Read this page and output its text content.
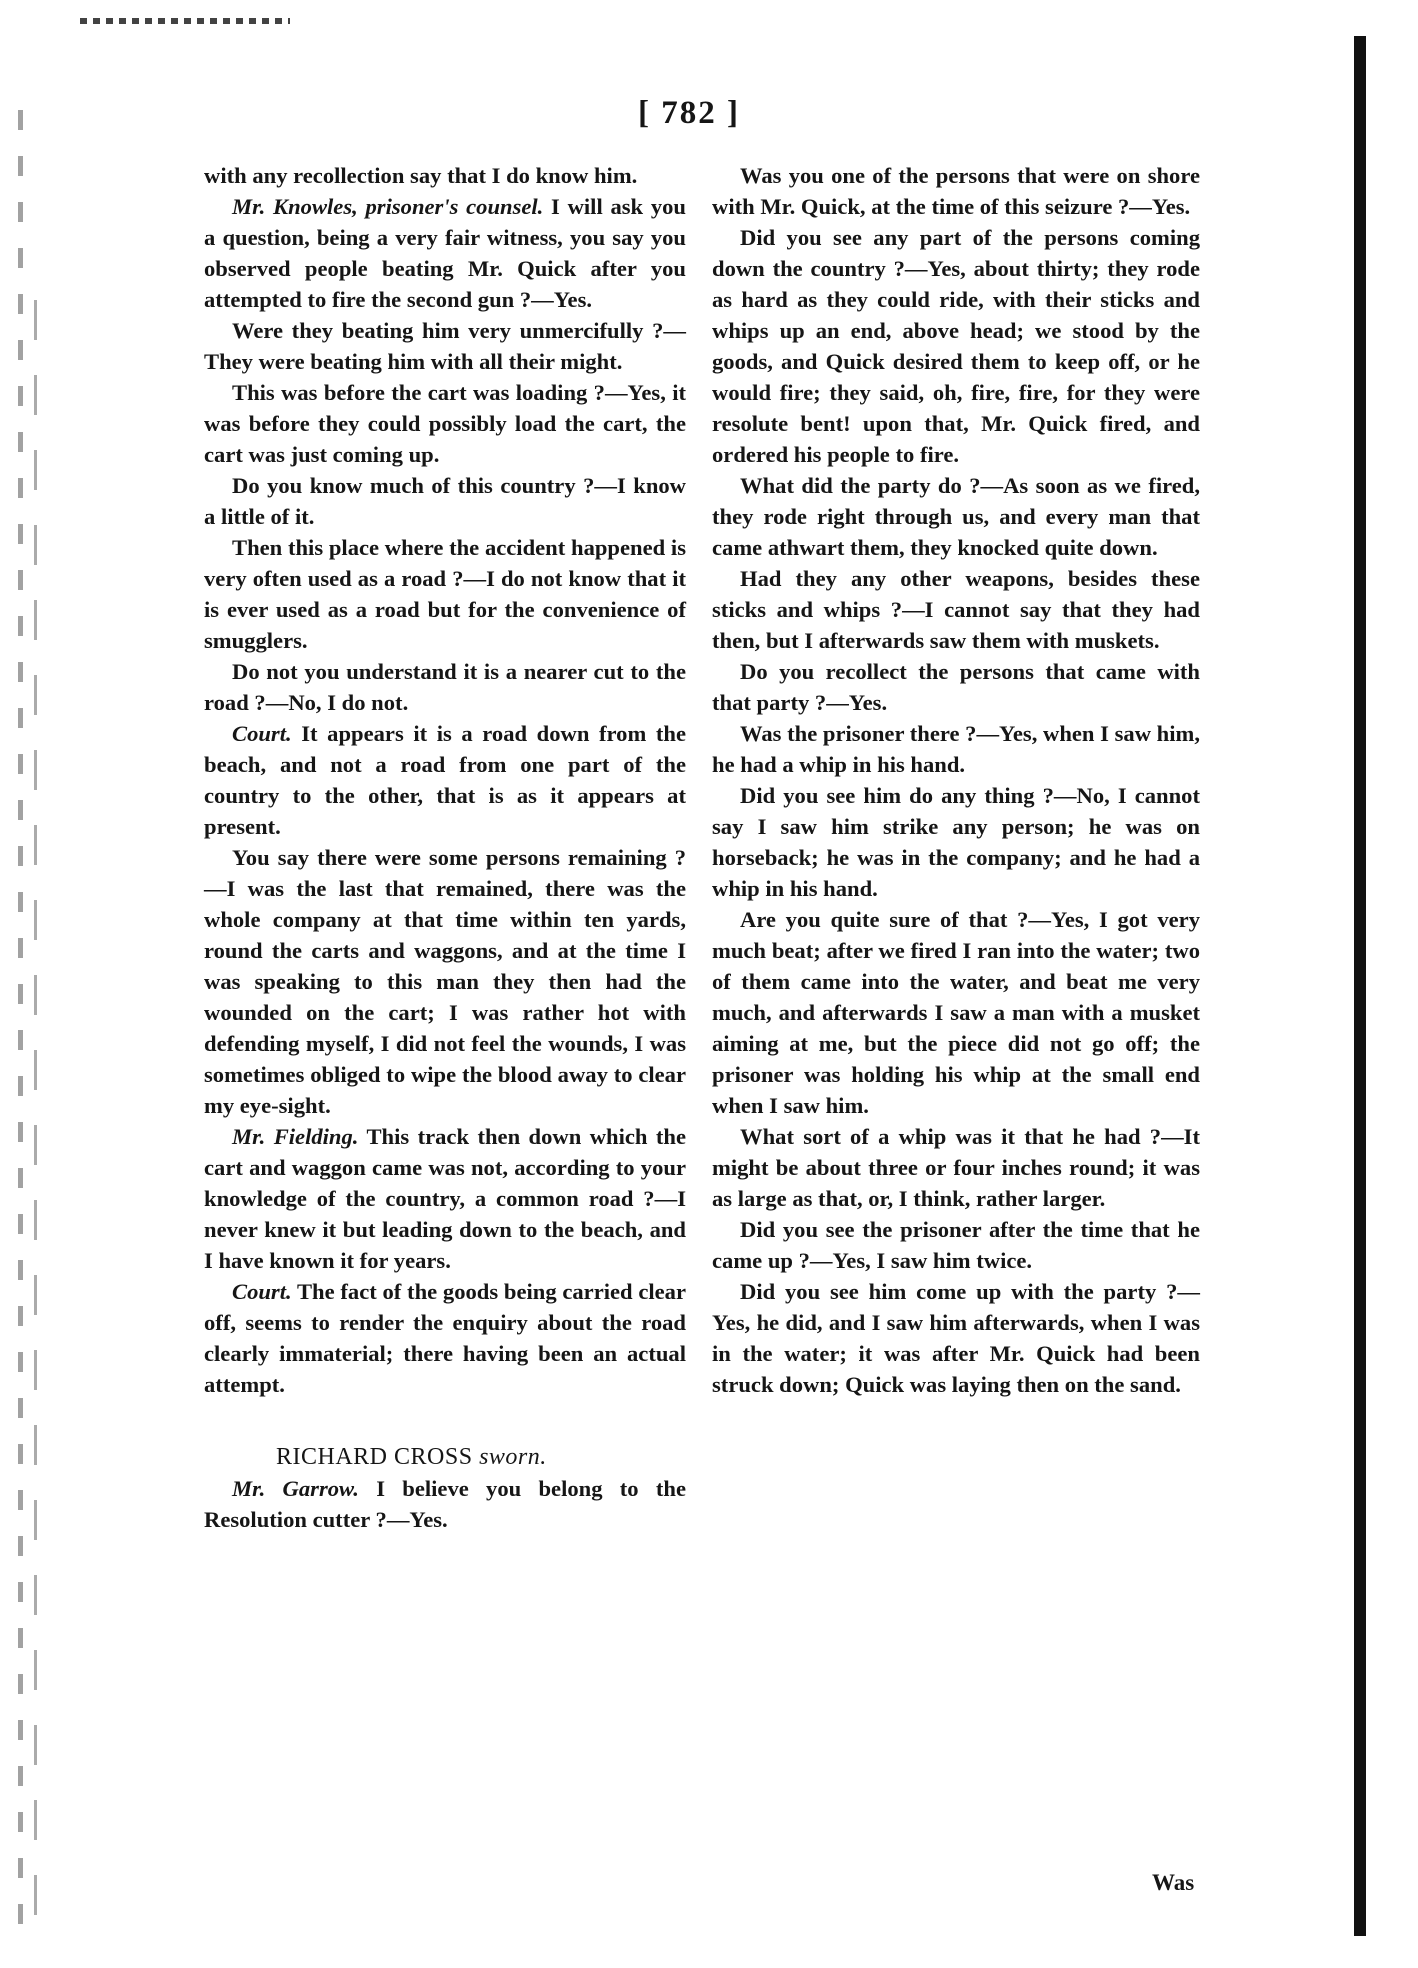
[ 782 ]

with any recollection say that I do know him.

Mr. Knowles, prisoner's counsel. I will ask you a question, being a very fair witness, you say you observed people beating Mr. Quick after you attempted to fire the second gun ?—Yes.

Were they beating him very unmercifully ?—They were beating him with all their might.

This was before the cart was loading ?—Yes, it was before they could possibly load the cart, the cart was just coming up.

Do you know much of this country ?—I know a little of it.

Then this place where the accident happened is very often used as a road ?—I do not know that it is ever used as a road but for the convenience of smugglers.

Do not you understand it is a nearer cut to the road ?—No, I do not.

Court. It appears it is a road down from the beach, and not a road from one part of the country to the other, that is as it appears at present.

You say there were some persons remaining ?—I was the last that remained, there was the whole company at that time within ten yards, round the carts and waggons, and at the time I was speaking to this man they then had the wounded on the cart; I was rather hot with defending myself, I did not feel the wounds, I was sometimes obliged to wipe the blood away to clear my eye-sight.

Mr. Fielding. This track then down which the cart and waggon came was not, according to your knowledge of the country, a common road ?—I never knew it but leading down to the beach, and I have known it for years.

Court. The fact of the goods being carried clear off, seems to render the enquiry about the road clearly immaterial; there having been an actual attempt.

RICHARD CROSS sworn.

Mr. Garrow. I believe you belong to the Resolution cutter ?—Yes.

Was you one of the persons that were on shore with Mr. Quick, at the time of this seizure ?—Yes.

Did you see any part of the persons coming down the country ?—Yes, about thirty; they rode as hard as they could ride, with their sticks and whips up an end, above head; we stood by the goods, and Quick desired them to keep off, or he would fire; they said, oh, fire, fire, for they were resolute bent! upon that, Mr. Quick fired, and ordered his people to fire.

What did the party do ?—As soon as we fired, they rode right through us, and every man that came athwart them, they knocked quite down.

Had they any other weapons, besides these sticks and whips ?—I cannot say that they had then, but I afterwards saw them with muskets.

Do you recollect the persons that came with that party ?—Yes.

Was the prisoner there ?—Yes, when I saw him, he had a whip in his hand.

Did you see him do any thing ?—No, I cannot say I saw him strike any person; he was on horseback; he was in the company; and he had a whip in his hand.

Are you quite sure of that ?—Yes, I got very much beat; after we fired I ran into the water; two of them came into the water, and beat me very much, and afterwards I saw a man with a musket aiming at me, but the piece did not go off; the prisoner was holding his whip at the small end when I saw him.

What sort of a whip was it that he had ?—It might be about three or four inches round; it was as large as that, or, I think, rather larger.

Did you see the prisoner after the time that he came up ?—Yes, I saw him twice.

Did you see him come up with the party ?—Yes, he did, and I saw him afterwards, when I was in the water; it was after Mr. Quick had been struck down; Quick was laying then on the sand.

Was
